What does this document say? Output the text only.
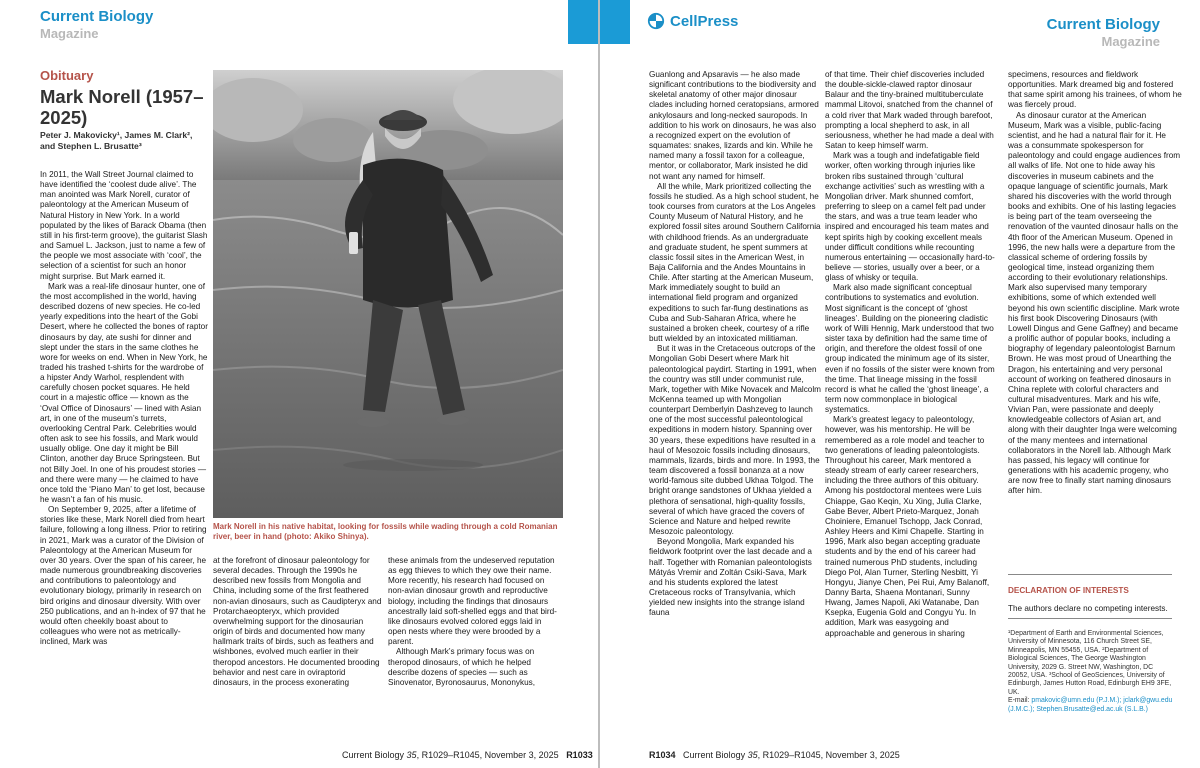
Current Biology
Magazine
Obituary
Mark Norell (1957–2025)
Peter J. Makovicky¹, James M. Clark², and Stephen L. Brusatte³

In 2011, the Wall Street Journal claimed to have identified the ‘coolest dude alive’. The man anointed was Mark Norell, curator of paleontology at the American Museum of Natural History in New York. In a world populated by the likes of Barack Obama (then still in his first-term groove), the guitarist Slash and Samuel L. Jackson, just to name a few of the people we most associate with ‘cool’, the selection of a scientist for such an honor might surprise. But Mark earned it.

Mark was a real-life dinosaur hunter, one of the most accomplished in the world, having described dozens of new species. He co-led yearly expeditions into the heart of the Gobi Desert, where he collected the bones of raptor dinosaurs by day, ate sushi for dinner and slept under the stars in the same clothes he wore for weeks on end. When in New York, he traded his trashed t-shirts for the wardrobe of a hipster Andy Warhol, resplendent with carefully chosen pocket squares. He held court in a majestic office — known as the ‘Oval Office of Dinosaurs’ — lined with Asian art, in one of the museum’s turrets, overlooking Central Park. Celebrities would often ask to see his fossils, and Mark would usually oblige. One day it might be Bill Clinton, another day Bruce Springsteen. But not Billy Joel. In one of his proudest stories — and there were many — he claimed to have once told the ‘Piano Man’ to get lost, because he wasn’t a fan of his music.

On September 9, 2025, after a lifetime of stories like these, Mark Norell died from heart failure, following a long illness. Prior to retiring in 2021, Mark was a curator of the Division of Paleontology at the American Museum for over 30 years. Over the span of his career, he made numerous groundbreaking discoveries and contributions to paleontology and evolutionary biology, primarily in research on bird origins and dinosaur diversity. With over 250 publications, and an h-index of 97 that he would often cheekily boast about to colleagues who were not as metrically-inclined, Mark was

Mark Norell in his native habitat, looking for fossils while wading through a cold Romanian river, beer in hand (photo: Akiko Shinya).

at the forefront of dinosaur paleontology for several decades. Through the 1990s he described new fossils from Mongolia and China, including some of the first feathered non-avian dinosaurs, such as Caudipteryx and Protarchaeopteryx, which provided overwhelming support for the dinosaurian origin of birds and documented how many hallmark traits of birds, such as feathers and wishbones, evolved much earlier in their theropod ancestors. He documented brooding behavior and nest care in oviraptorid dinosaurs, in the process exonerating

these animals from the undeserved reputation as egg thieves to which they owe their name. More recently, his research had focused on non-avian dinosaur growth and reproductive biology, including the findings that dinosaurs ancestrally laid soft-shelled eggs and that bird-like dinosaurs evolved colored eggs laid in open nests where they were brooded by a parent.

Although Mark’s primary focus was on theropod dinosaurs, of which he helped describe dozens of species — such as Sinovenator, Byronosaurus, Mononykus,

Current Biology 35, R1029–R1045, November 3, 2025 R1033
CellPress	Current Biology
Magazine

Guanlong and Apsaravis — he also made significant contributions to the biodiversity and skeletal anatomy of other major dinosaur clades including horned ceratopsians, armored ankylosaurs and long-necked sauropods. In addition to his work on dinosaurs, he was also a recognized expert on the evolution of squamates: snakes, lizards and kin. While he named many a fossil taxon for a colleague, mentor, or collaborator, Mark insisted he did not want any named for himself.

All the while, Mark prioritized collecting the fossils he studied. As a high school student, he took courses from curators at the Los Angeles County Museum of Natural History, and he explored fossil sites around Southern California with childhood friends. As an undergraduate and graduate student, he spent summers at classic fossil sites in the American West, in Baja California and the Andes Mountains in Chile. After starting at the American Museum, Mark immediately sought to build an international field program and organized expeditions to such far-flung destinations as Cuba and Sub-Saharan Africa, where he sustained a broken cheek, courtesy of a rifle butt wielded by an intoxicated militiaman.

But it was in the Cretaceous outcrops of the Mongolian Gobi Desert where Mark hit paleontological paydirt. Starting in 1991, when the country was still under communist rule, Mark, together with Mike Novacek and Malcolm McKenna teamed up with Mongolian counterpart Demberlyin Dashzeveg to launch one of the most successful paleontological expeditions in modern history. Spanning over 30 years, these expeditions have resulted in a haul of Mesozoic fossils including dinosaurs, mammals, lizards, birds and more. In 1993, the team discovered a fossil bonanza at a now world-famous site dubbed Ukhaa Tolgod. The bright orange sandstones of Ukhaa yielded a plethora of sensational, high-quality fossils, several of which have graced the covers of Science and Nature and helped rewrite Mesozoic paleontology.

Beyond Mongolia, Mark expanded his fieldwork footprint over the last decade and a half. Together with Romanian paleontologists Mátyás Vremir and Zoltán Csiki-Sava, Mark and his students explored the latest Cretaceous rocks of Transylvania, which yielded new insights into the strange island fauna

of that time. Their chief discoveries included the double-sickle-clawed raptor dinosaur Balaur and the tiny-brained multituberculate mammal Litovoi, snatched from the channel of a cold river that Mark waded through barefoot, prompting a local shepherd to ask, in all seriousness, whether he had made a deal with Satan to keep himself warm.

Mark was a tough and indefatigable field worker, often working through injuries like broken ribs sustained through ‘cultural exchange activities’ such as wrestling with a Mongolian driver. Mark shunned comfort, preferring to sleep on a camel felt pad under the stars, and was a true team leader who inspired and encouraged his team mates and kept spirits high by cooking excellent meals under difficult conditions while recounting numerous entertaining — occasionally hard-to-believe — stories, usually over a beer, or a glass of whisky or tequila.

Mark also made significant conceptual contributions to systematics and evolution. Most significant is the concept of ‘ghost lineages’. Building on the pioneering cladistic work of Willi Hennig, Mark understood that two sister taxa by definition had the same time of origin, and therefore the oldest fossil of one group indicated the minimum age of its sister, even if no fossils of the sister were known from the time. That lineage missing in the fossil record is what he called the ‘ghost lineage’, a term now commonplace in biological systematics.

Mark’s greatest legacy to paleontology, however, was his mentorship. He will be remembered as a role model and teacher to two generations of leading paleontologists. Throughout his career, Mark mentored a steady stream of early career researchers, including the three authors of this obituary. Among his postdoctoral mentees were Luis Chiappe, Gao Keqin, Xu Xing, Julia Clarke, Gabe Bever, Albert Prieto-Marquez, Jonah Choiniere, Emanuel Tschopp, Jack Conrad, Ashley Heers and Kimi Chapelle. Starting in 1996, Mark also began accepting graduate students and by the end of his career had trained numerous PhD students, including Diego Pol, Alan Turner, Sterling Nesbitt, Yi Hongyu, Jianye Chen, Pei Rui, Amy Balanoff, Danny Barta, Shaena Montanari, Sunny Hwang, James Napoli, Aki Watanabe, Dan Ksepka, Eugenia Gold and Congyu Yu. In addition, Mark was easygoing and approachable and generous in sharing

specimens, resources and fieldwork opportunities. Mark dreamed big and fostered that same spirit among his trainees, of whom he was fiercely proud.

As dinosaur curator at the American Museum, Mark was a visible, public-facing scientist, and he had a natural flair for it. He was a consummate spokesperson for paleontology and could engage audiences from all walks of life. Not one to hide away his discoveries in museum cabinets and the opaque language of scientific journals, Mark shared his discoveries with the world through books and exhibits. One of his lasting legacies is being part of the team overseeing the renovation of the vaunted dinosaur halls on the 4th floor of the American Museum. Opened in 1996, the new halls were a departure from the classical scheme of ordering fossils by geological time, instead organizing them according to their evolutionary relationships. Mark also supervised many temporary exhibitions, some of which extended well beyond his own scientific discipline. Mark wrote his first book Discovering Dinosaurs (with Lowell Dingus and Gene Gaffney) and became a prolific author of popular books, including a biography of legendary paleontologist Barnum Brown. He was most proud of Unearthing the Dragon, his entertaining and very personal account of working on feathered dinosaurs in China replete with colorful characters and cultural misadventures. Mark and his wife, Vivian Pan, were passionate and deeply knowledgeable collectors of Asian art, and along with their daughter Inga were welcoming of the many mentees and international collaborators in the Norell lab. Although Mark has passed, his legacy will continue for generations with his academic progeny, who are now free to finally start naming dinosaurs after him.

DECLARATION OF INTERESTS
The authors declare no competing interests.
¹Department of Earth and Environmental Sciences, University of Minnesota, 116 Church Street SE, Minneapolis, MN 55455, USA. ²Department of Biological Sciences, The George Washington University, 2029 G. Street NW, Washington, DC 20052, USA. ³School of GeoSciences, University of Edinburgh, James Hutton Road, Edinburgh EH9 3FE, UK.
E-mail: pmakovic@umn.edu (P.J.M.); jclark@gwu.edu (J.M.C.); Stephen.Brusatte@ed.ac.uk (S.L.B.)
R1034 Current Biology 35, R1029–R1045, November 3, 2025
